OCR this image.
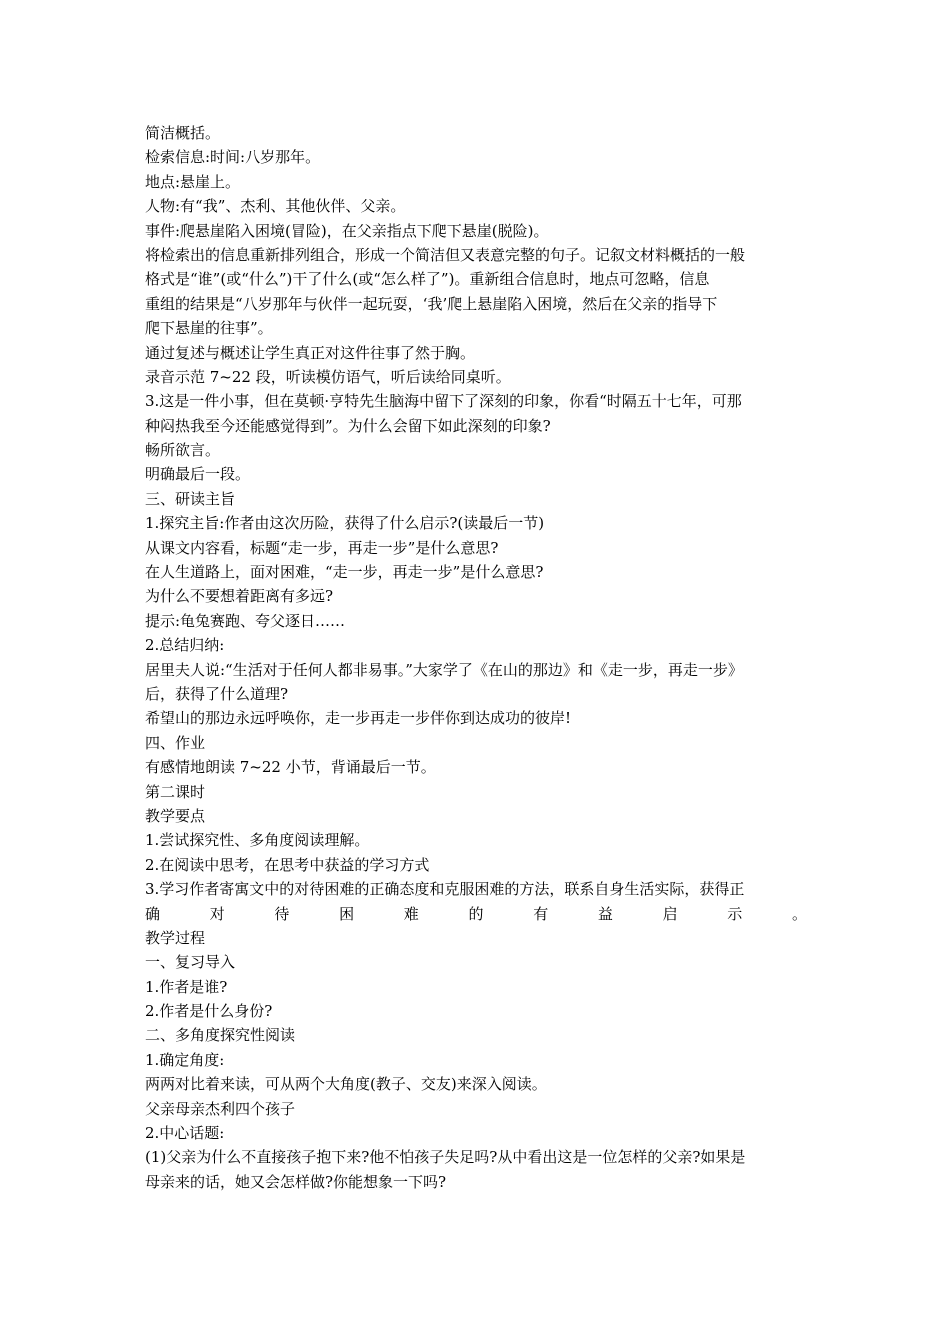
简洁概括。
检索信息:时间:八岁那年。
地点:悬崖上。
人物:有“我”、杰利、其他伙伴、父亲。
事件:爬悬崖陷入困境(冒险)，在父亲指点下爬下悬崖(脱险)。
将检索出的信息重新排列组合，形成一个简洁但又表意完整的句子。记叙文材料概括的一般
格式是“谁”(或“什么”)干了什么(或“怎么样了”)。重新组合信息时，地点可忽略，信息
重组的结果是“八岁那年与伙伴一起玩耍，‘我’爬上悬崖陷入困境，然后在父亲的指导下
爬下悬崖的往事”。
通过复述与概述让学生真正对这件往事了然于胸。
录音示范 7~22 段，听读模仿语气，听后读给同桌听。
3.这是一件小事，但在莫顿·亨特先生脑海中留下了深刻的印象，你看“时隔五十七年，可那
种闷热我至今还能感觉得到”。为什么会留下如此深刻的印象?
畅所欲言。
明确最后一段。
三、研读主旨
1.探究主旨:作者由这次历险，获得了什么启示?(读最后一节)
从课文内容看，标题“走一步，再走一步”是什么意思?
在人生道路上，面对困难，“走一步，再走一步”是什么意思?
为什么不要想着距离有多远?
提示:龟兔赛跑、夸父逐日……
2.总结归纳:
居里夫人说:“生活对于任何人都非易事。”大家学了《在山的那边》和《走一步，再走一步》
后，获得了什么道理?
希望山的那边永远呼唤你，走一步再走一步伴你到达成功的彼岸!
四、作业
有感情地朗读 7~22 小节，背诵最后一节。
第二课时
教学要点
1.尝试探究性、多角度阅读理解。
2.在阅读中思考，在思考中获益的学习方式
3.学习作者寄寓文中的对待困难的正确态度和克服困难的方法，联系自身生活实际，获得正
确 对 待 困 难 的 有 益 启 示 。
教学过程
一、复习导入
1.作者是谁?
2.作者是什么身份?
二、多角度探究性阅读
1.确定角度:
两两对比着来读，可从两个大角度(教子、交友)来深入阅读。
父亲母亲杰利四个孩子
2.中心话题:
(1)父亲为什么不直接孩子抱下来?他不怕孩子失足吗?从中看出这是一位怎样的父亲?如果是
母亲来的话，她又会怎样做?你能想象一下吗?
